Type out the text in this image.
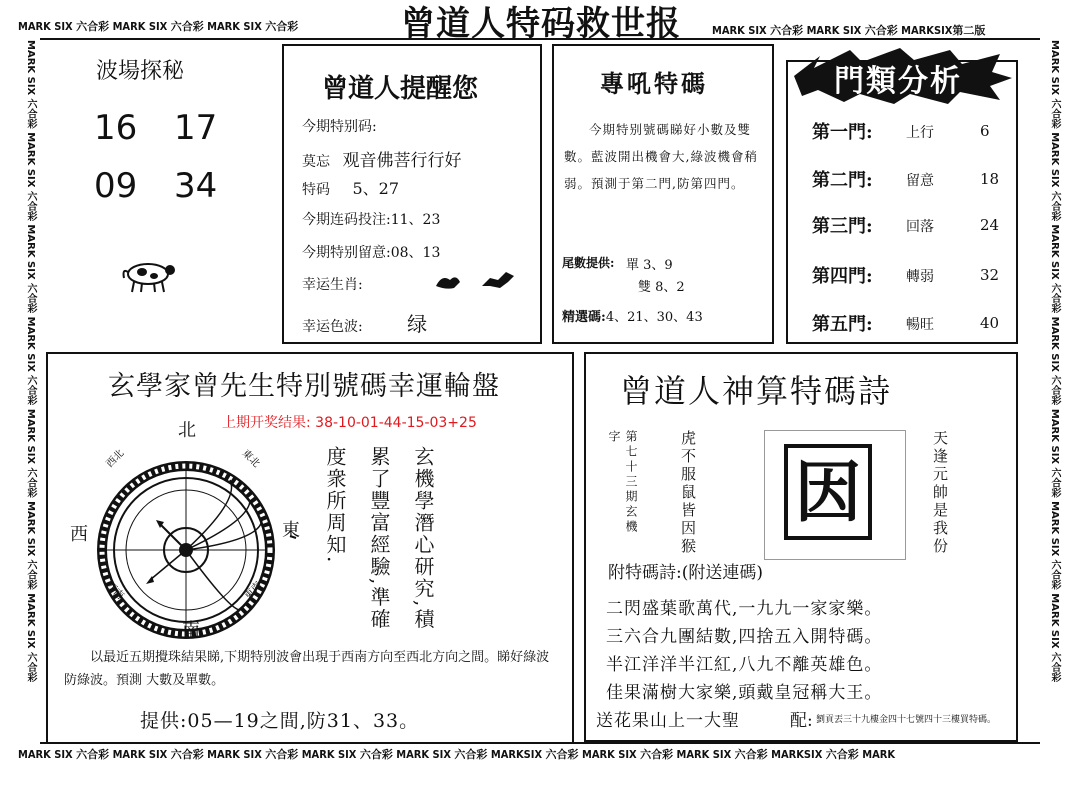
MARK SIX 六合彩 MARK SIX 六合彩 MARK SIX 六合彩	曾道人特码救世报	MARK SIX 六合彩 MARK SIX 六合彩 MARKSIX第二版
MARK SIX 六合彩 MARK SIX 六合彩 MARK SIX 六合彩 MARK SIX 六合彩 MARK SIX 六合彩 MARK SIX 六合彩 MARK SIX 六合彩	MARK SIX 六合彩 MARK SIX 六合彩 MARK SIX 六合彩 MARK SIX 六合彩 MARK SIX 六合彩 MARK SIX 六合彩 MARK SIX 六合彩
MARK SIX 六合彩 MARK SIX 六合彩 MARK SIX 六合彩 MARK SIX 六合彩 MARK SIX 六合彩 MARKSIX 六合彩 MARK SIX 六合彩 MARK SIX 六合彩 MARKSIX 六合彩 MARK
波場探秘
16 17
09 34
曾道人提醒您
今期特别码:
莫忘 观音佛菩行行好
特码 5、27
今期连码投注:11、23
今期特别留意:08、13
幸运生肖:
幸运色波: 绿
專吼特碼
今期特别號碼睇好小數及雙數。藍波開出機會大,綠波機會稍弱。預測于第二門,防第四門。
尾數提供: 單 3、9
雙 8、2
精選碼:4、21、30、43
門類分析
第一門: 上行	6
第二門: 留意	18
第三門: 回落	24
第四門: 轉弱	32
第五門: 暢旺	40
玄學家曾先生特別號碼幸運輪盤
上期开奖结果: 38-10-01-44-15-03+25
北
南
東
西
西北	東北
西南	東南	玄機學潛心研究,積
累了豐富經驗,準確
度衆所周知.
以最近五期攪珠結果睇,下期特別波會出現于西南方向至西北方向之間。睇好綠波防綠波。預測 大數及單數。
提供:05—19之間,防31、33。
曾道人神算特碼詩
第七十三期玄機字	虎不服鼠皆因猴 因	天逢元帥是我份
附特碼詩:(附送連碼)
送花果山上一大聖	配: 劉貢丟三十九樓金四十七號四十三樓買特碼。
二閃盛葉歌萬代,一九九一家家樂。
三六合九團結數,四捨五入開特碼。
半江洋洋半江紅,八九不離英雄色。
佳果滿樹大家樂,頭戴皇冠稱大王。
